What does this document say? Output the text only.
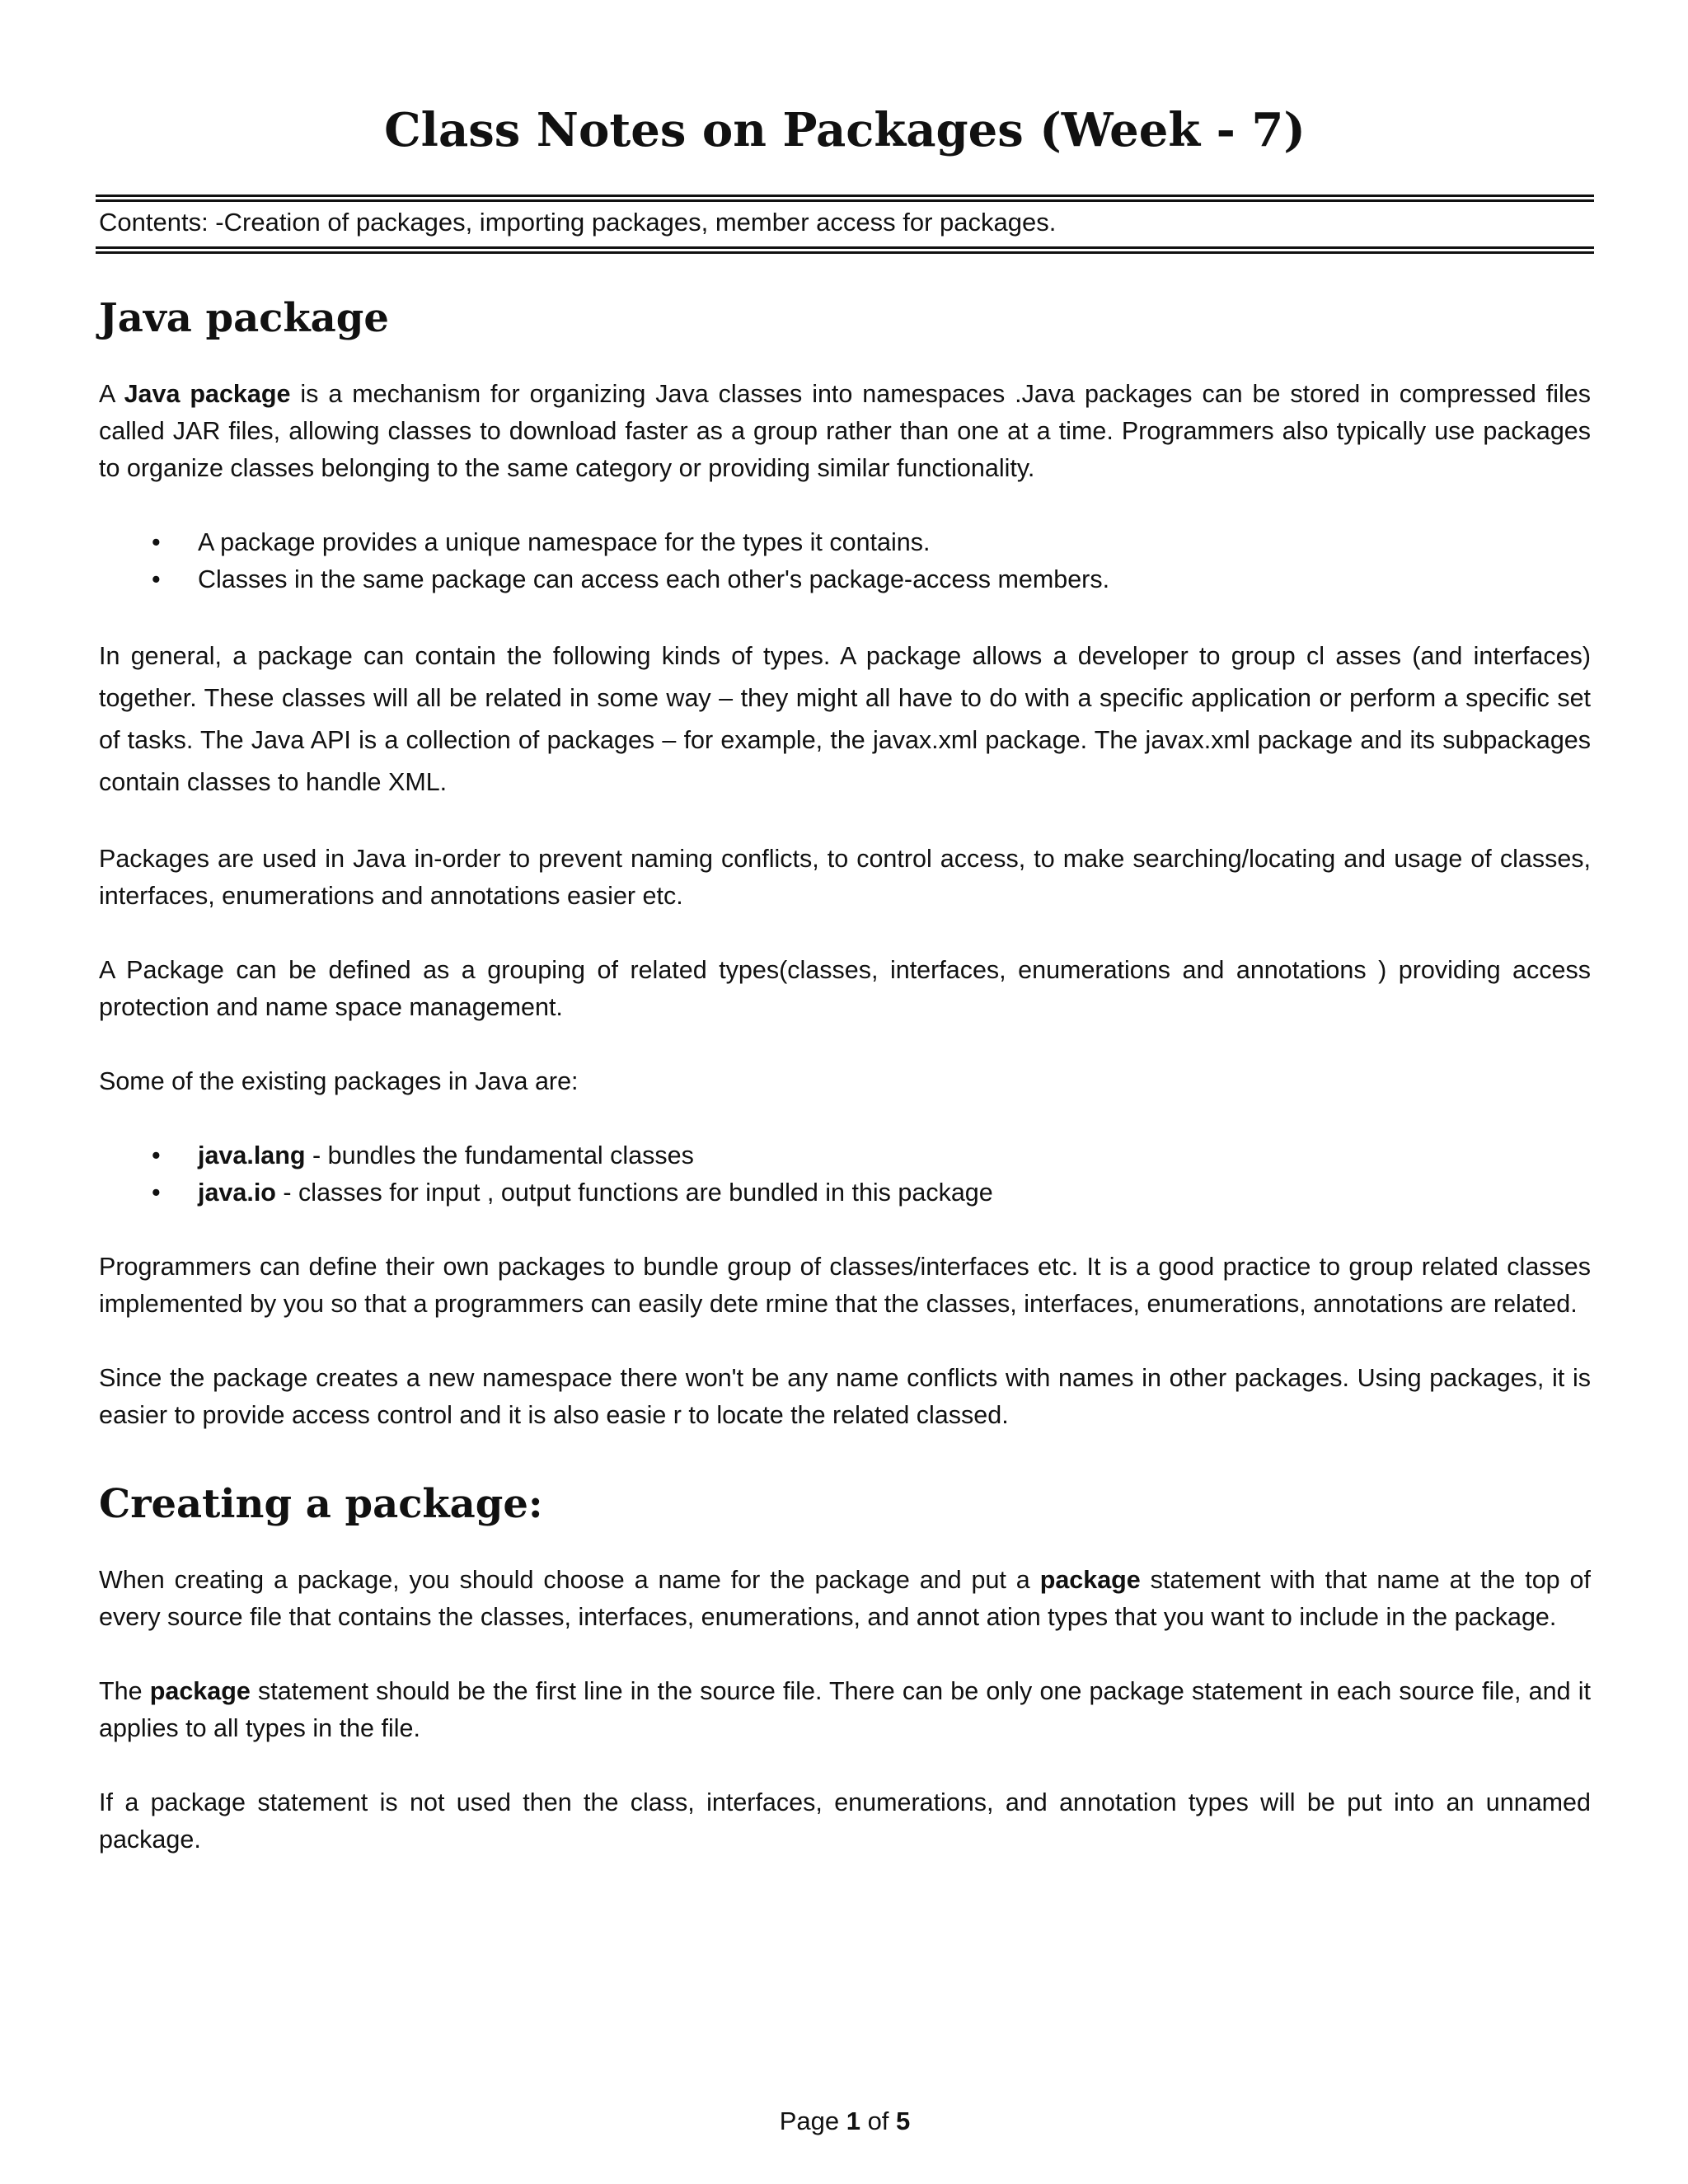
Class Notes on Packages (Week - 7)

Contents: -Creation of packages, importing packages, member access for packages.

Java package

A Java package is a mechanism for organizing Java classes into namespaces .Java packages can be stored in compressed files called JAR files, allowing classes to download faster as a group rather than one at a time. Programmers also typically use packages to organize classes belonging to the same category or providing similar functionality.

• A package provides a unique namespace for the types it contains.
• Classes in the same package can access each other's package-access members.

In general, a package can contain the following kinds of types. A package allows a developer to group cl asses (and interfaces) together. These classes will all be related in some way – they might all have to do with a specific application or perform a specific set of tasks. The Java API is a collection of packages – for example, the javax.xml package. The javax.xml package and its subpackages contain classes to handle XML.

Packages are used in Java in-order to prevent naming conflicts, to control access, to make searching/locating and usage of classes, interfaces, enumerations and annotations easier etc.

A Package can be defined as a grouping of related types(classes, interfaces, enumerations and annotations ) providing access protection and name space management.

Some of the existing packages in Java are:

• java.lang - bundles the fundamental classes
• java.io - classes for input , output functions are bundled in this package

Programmers can define their own packages to bundle group of classes/interfaces etc. It is a good practice to group related classes implemented by you so that a programmers can easily dete rmine that the classes, interfaces, enumerations, annotations are related.

Since the package creates a new namespace there won't be any name conflicts with names in other packages. Using packages, it is easier to provide access control and it is also easie r to locate the related classed.

Creating a package:

When creating a package, you should choose a name for the package and put a package statement with that name at the top of every source file that contains the classes, interfaces, enumerations, and annot ation types that you want to include in the package.

The package statement should be the first line in the source file. There can be only one package statement in each source file, and it applies to all types in the file.

If a package statement is not used then the class, interfaces, enumerations, and annotation types will be put into an unnamed package.

Page 1 of 5
